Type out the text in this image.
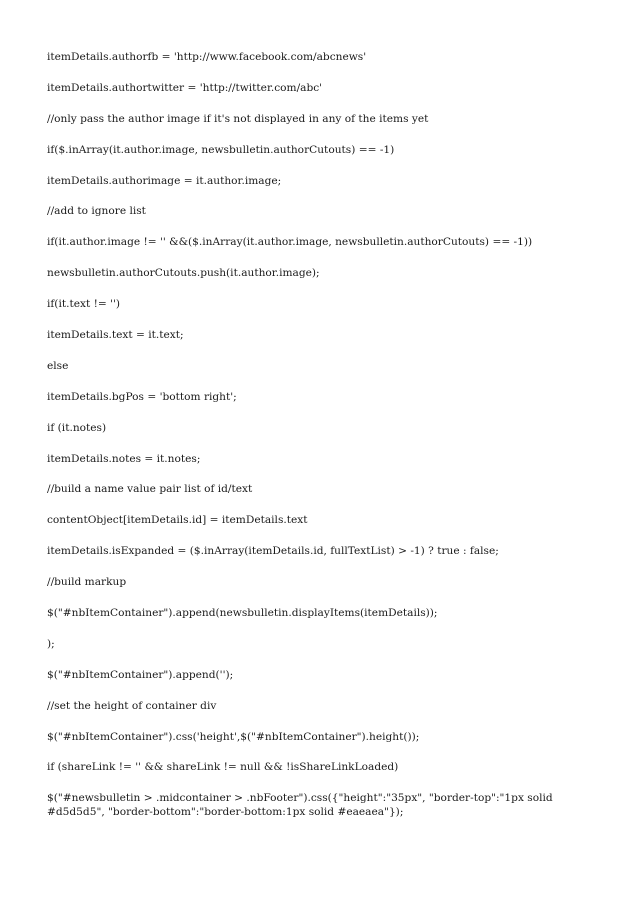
itemDetails.authorfb = 'http://www.facebook.com/abcnews'
itemDetails.authortwitter = 'http://twitter.com/abc'
//only pass the author image if it's not displayed in any of the items yet
if($.inArray(it.author.image, newsbulletin.authorCutouts) == -1)
itemDetails.authorimage = it.author.image;
//add to ignore list
if(it.author.image != '' &&($.inArray(it.author.image, newsbulletin.authorCutouts) == -1))
newsbulletin.authorCutouts.push(it.author.image);
if(it.text != '')
itemDetails.text = it.text;
else
itemDetails.bgPos = 'bottom right';
if (it.notes)
itemDetails.notes = it.notes;
//build a name value pair list of id/text
contentObject[itemDetails.id] = itemDetails.text
itemDetails.isExpanded = ($.inArray(itemDetails.id, fullTextList) > -1) ? true : false;
//build markup
$("#nbItemContainer").append(newsbulletin.displayItems(itemDetails));
);
$("#nbItemContainer").append('');
//set the height of container div
$("#nbItemContainer").css('height',$("#nbItemContainer").height());
if (shareLink != '' && shareLink != null && !isShareLinkLoaded)
$("#newsbulletin > .midcontainer > .nbFooter").css({"height":"35px", "border-top":"1px solid #d5d5d5", "border-bottom":"border-bottom:1px solid #eaeaea"});
